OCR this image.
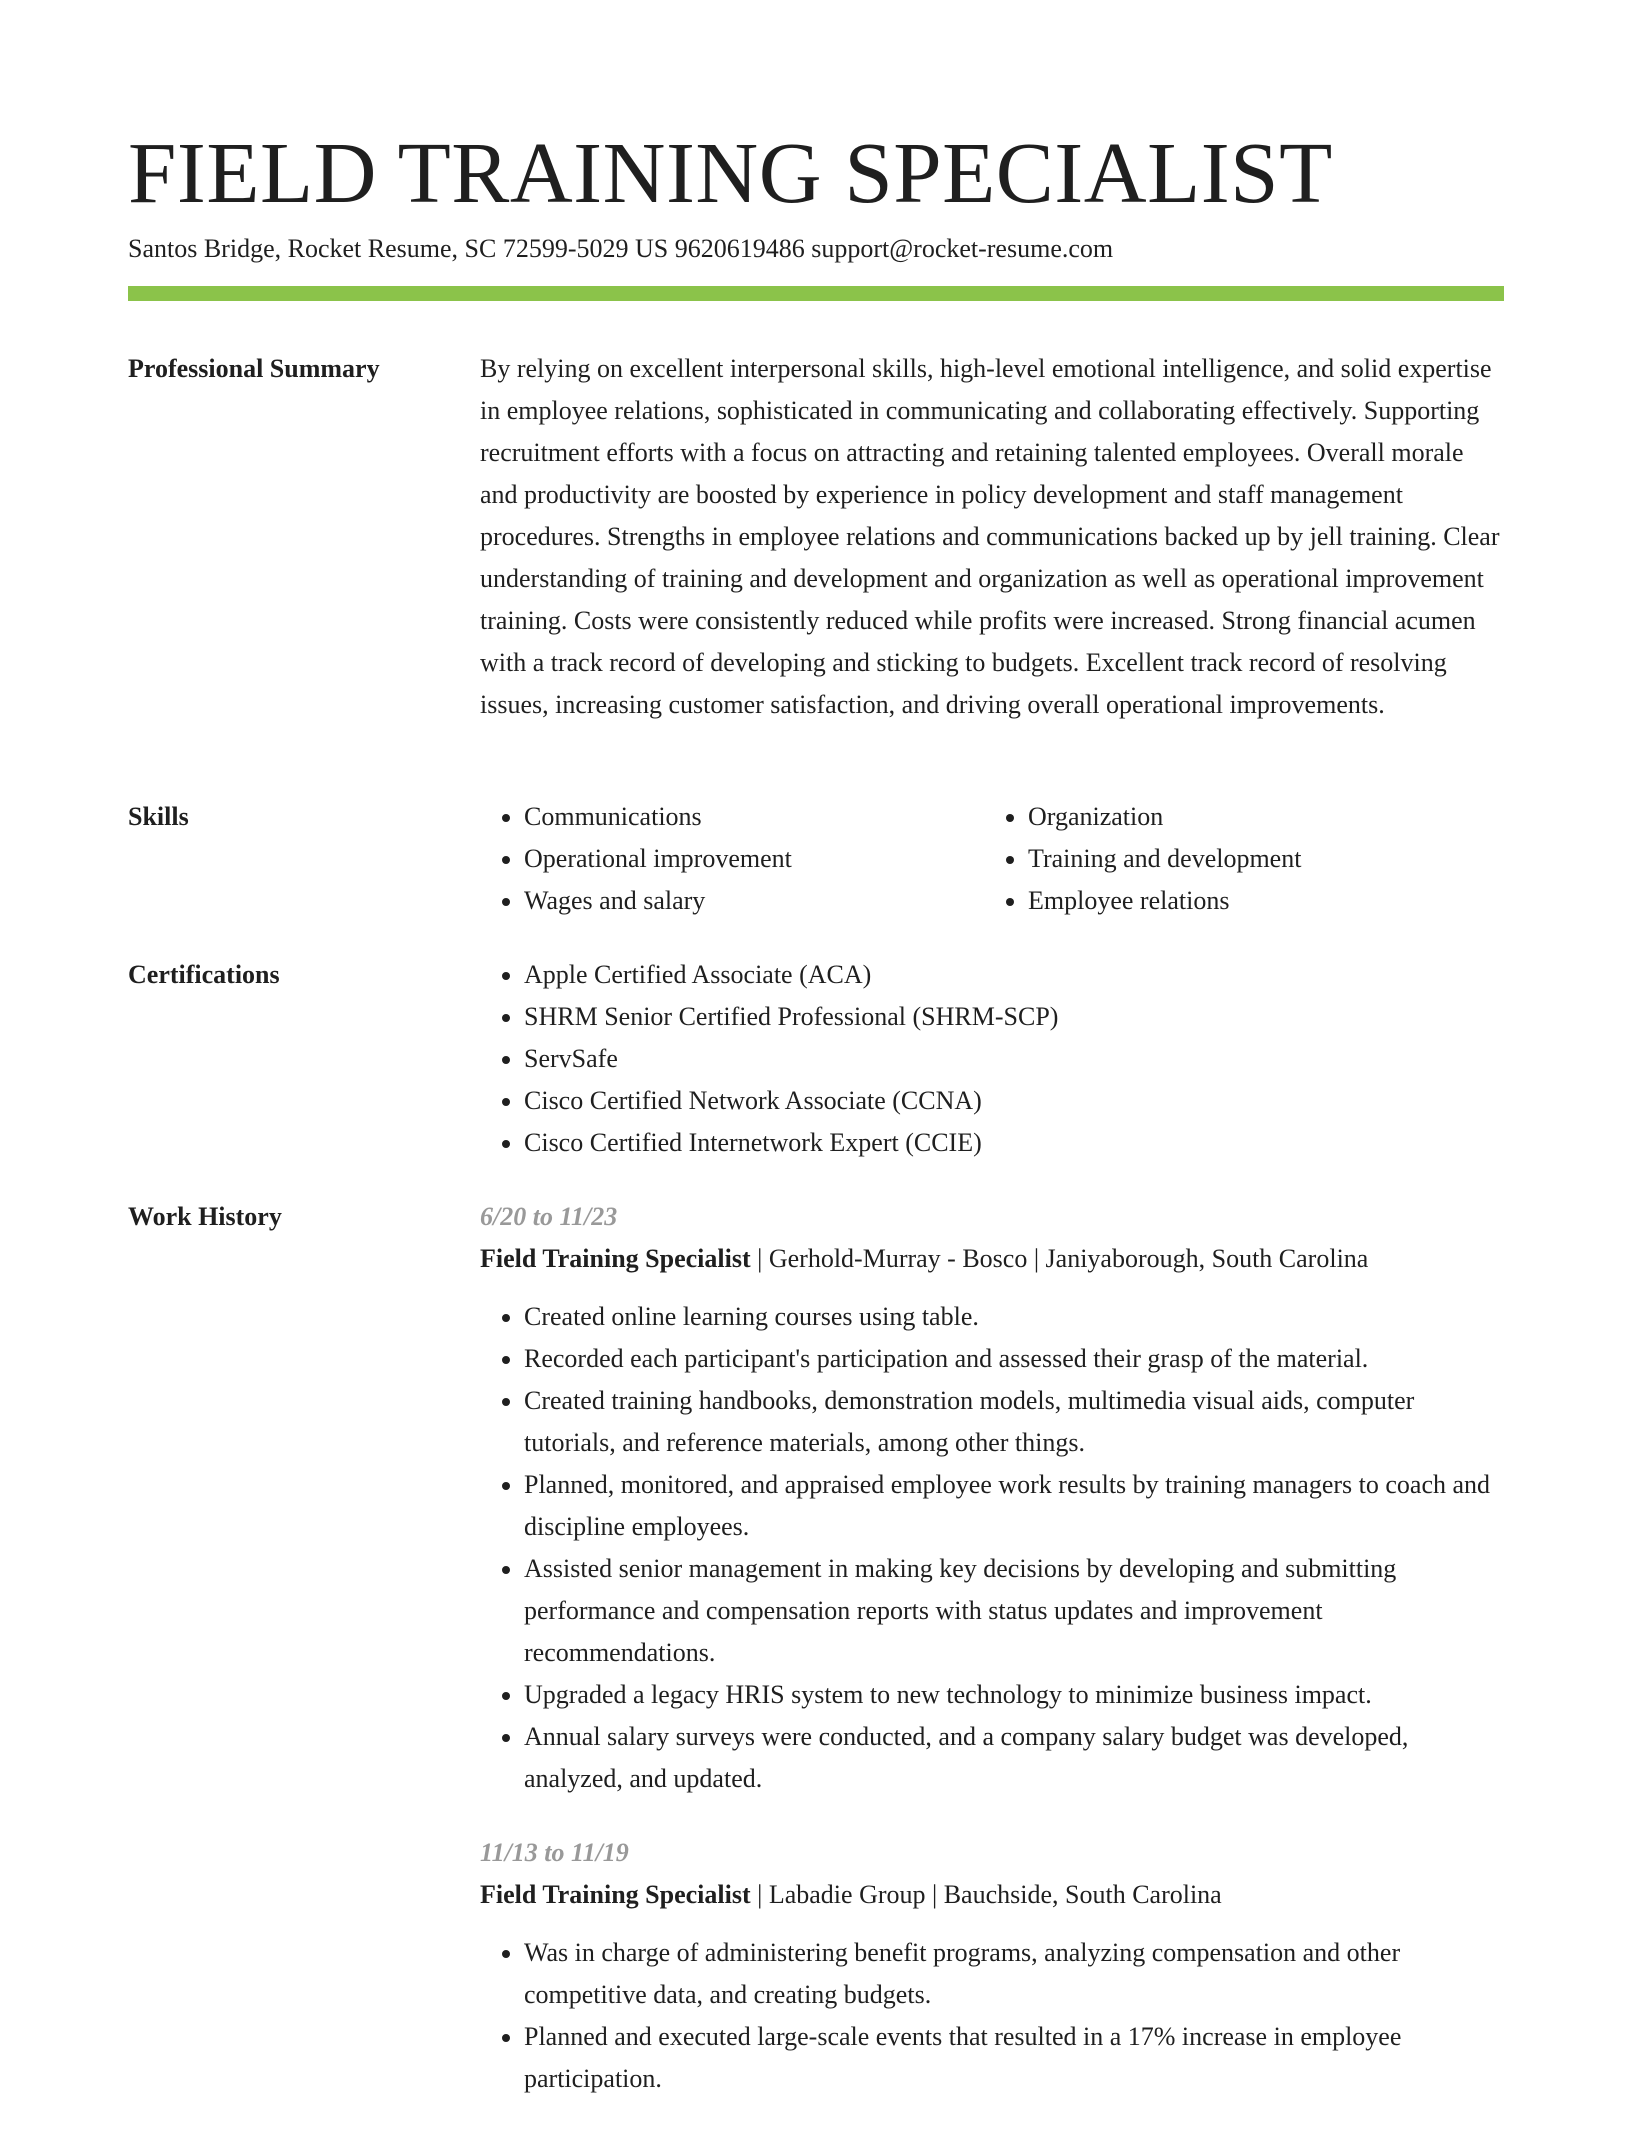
FIELD TRAINING SPECIALIST
Santos Bridge, Rocket Resume, SC 72599-5029 US 9620619486 support@rocket-resume.com
Professional Summary	By relying on excellent interpersonal skills, high-level emotional intelligence, and solid expertise in employee relations, sophisticated in communicating and collaborating effectively. Supporting recruitment efforts with a focus on attracting and retaining talented employees. Overall morale and productivity are boosted by experience in policy development and staff management procedures. Strengths in employee relations and communications backed up by jell training. Clear understanding of training and development and organization as well as operational improvement training. Costs were consistently reduced while profits were increased. Strong financial acumen with a track record of developing and sticking to budgets. Excellent track record of resolving issues, increasing customer satisfaction, and driving overall operational improvements.

Skills	• Communications
• Operational improvement
• Wages and salary
• Organization
• Training and development
• Employee relations
Certifications	• Apple Certified Associate (ACA)
• SHRM Senior Certified Professional (SHRM-SCP)
• ServSafe
• Cisco Certified Network Associate (CCNA)
• Cisco Certified Internetwork Expert (CCIE)
Work History	6/20 to 11/23

Field Training Specialist | Gerhold-Murray - Bosco | Janiyaborough, South Carolina

• Created online learning courses using table.
• Recorded each participant's participation and assessed their grasp of the material.
• Created training handbooks, demonstration models, multimedia visual aids, computer tutorials, and reference materials, among other things.
• Planned, monitored, and appraised employee work results by training managers to coach and discipline employees.
• Assisted senior management in making key decisions by developing and submitting performance and compensation reports with status updates and improvement recommendations.
• Upgraded a legacy HRIS system to new technology to minimize business impact.
• Annual salary surveys were conducted, and a company salary budget was developed, analyzed, and updated.

11/13 to 11/19

Field Training Specialist | Labadie Group | Bauchside, South Carolina

• Was in charge of administering benefit programs, analyzing compensation and other competitive data, and creating budgets.
• Planned and executed large-scale events that resulted in a 17% increase in employee participation.
